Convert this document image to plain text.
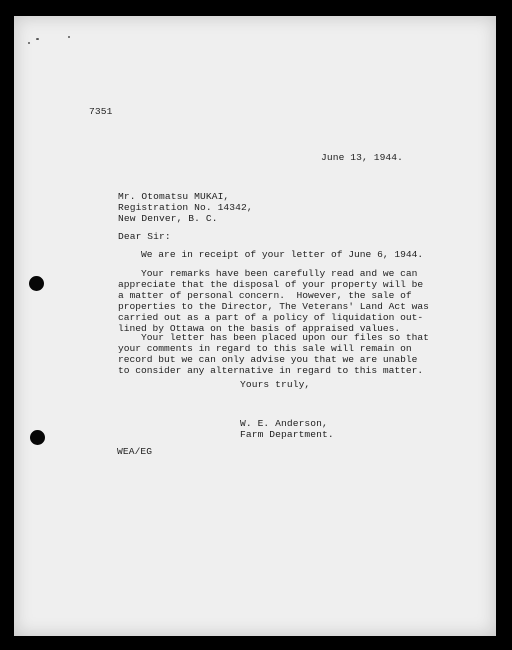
7351
June 13, 1944.
Mr. Otomatsu MUKAI,
Registration No. 14342,
New Denver, B. C.
Dear Sir:
We are in receipt of your letter of June 6, 1944.
Your remarks have been carefully read and we can
appreciate that the disposal of your property will be
a matter of personal concern.  However, the sale of
properties to the Director, The Veterans' Land Act was
carried out as a part of a policy of liquidation out-
lined by Ottawa on the basis of appraised values.
Your letter has been placed upon our files so that
your comments in regard to this sale will remain on
record but we can only advise you that we are unable
to consider any alternative in regard to this matter.
Yours truly,
W. E. Anderson,
Farm Department.
WEA/EG
